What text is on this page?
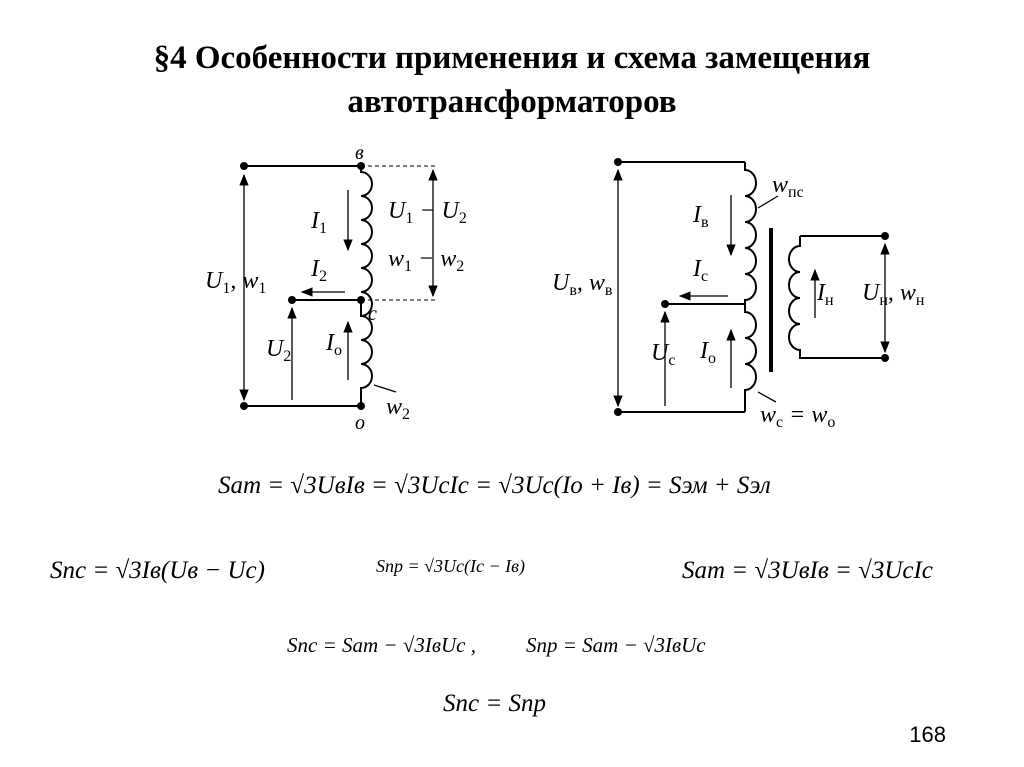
§4 Особенности применения и схема замещения
автотрансформаторов
в
с
о
$U_1$, $w_1$
$I_1$
$I_2$
$I_о$
$U_2$
$U_1 - U_2$
$w_1 - w_2$
$w_2$
$w_{пс}$
$I_в$
$I_с$
$I_о$
$U_в$, $w_в$
$U_с$
$I_н$ $U_н$, $w_н$
$w_с = w_о$
Sат = √3UвIв = √3UсIс = √3Uс(Iо + Iв) = Sэм + Sэл
Sпс = √3Iв(Uв − Uс)	Sпр = √3Uс(Iс − Iв)	Sат = √3UвIв = √3UсIс
Sпс = Sат − √3IвUс , Sпр = Sат − √3IвUс
Sпс = Sпр
168
